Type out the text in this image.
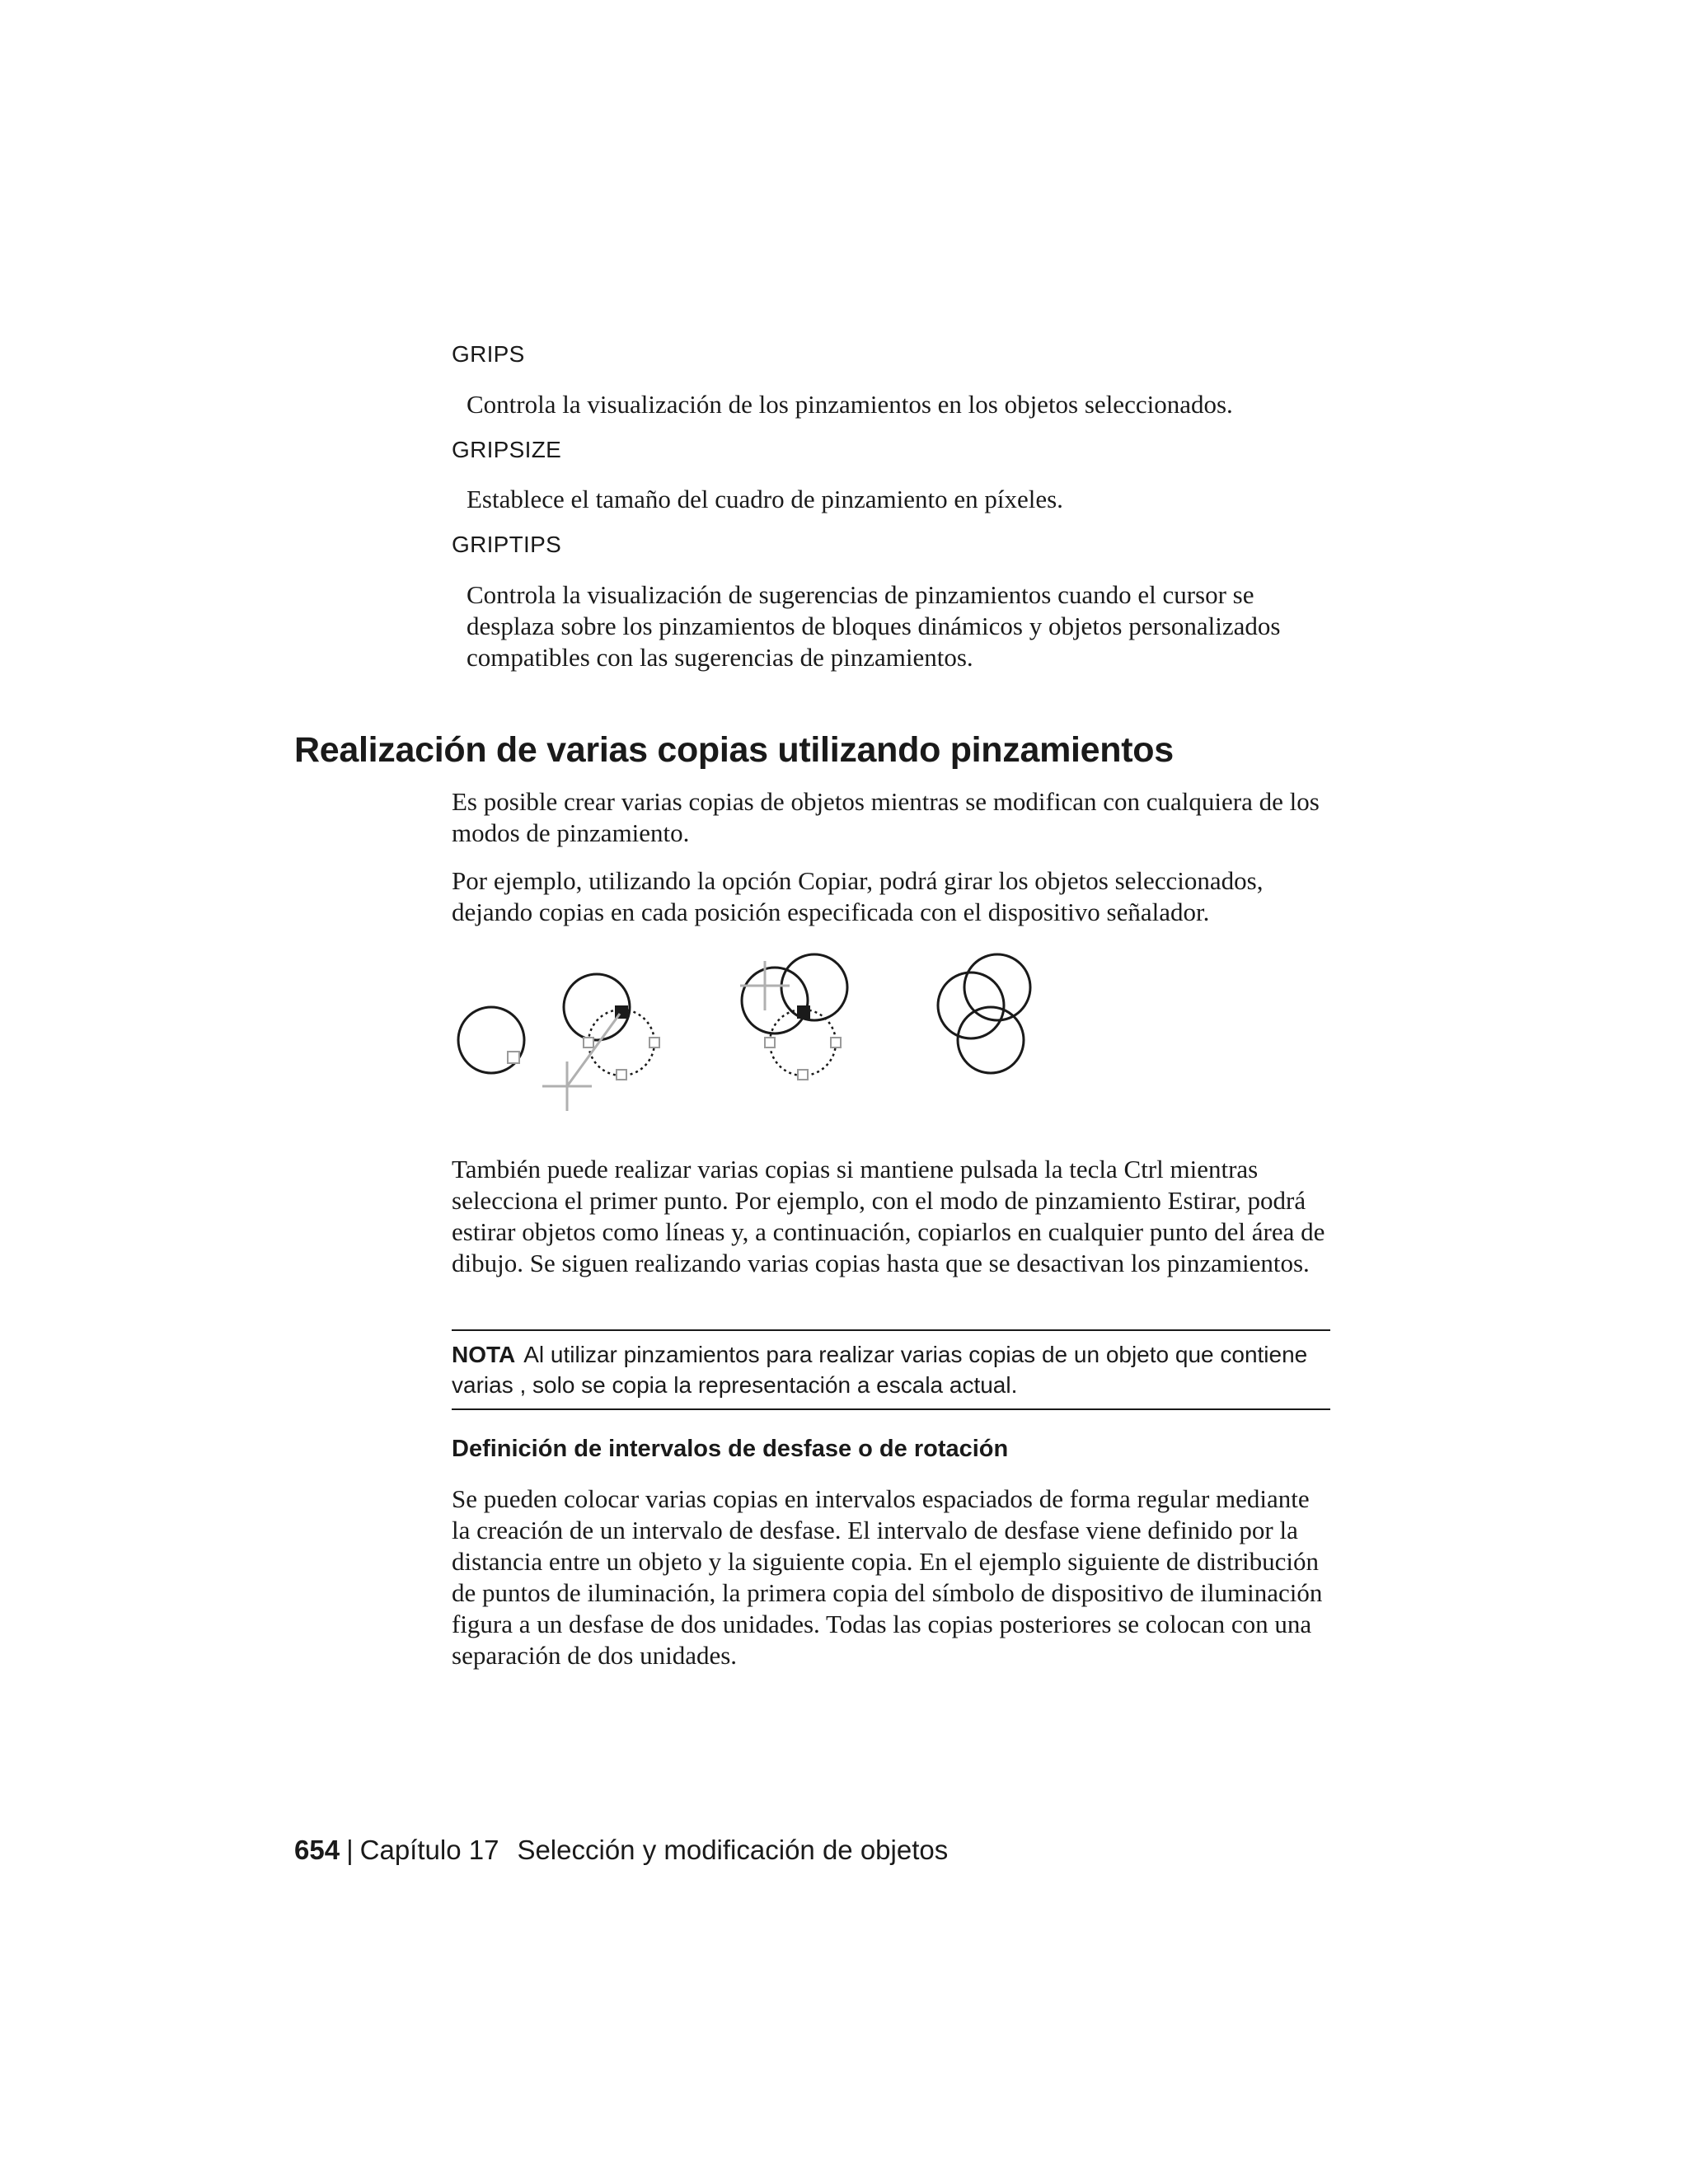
GRIPS

Controla la visualización de los pinzamientos en los objetos seleccionados.

GRIPSIZE

Establece el tamaño del cuadro de pinzamiento en píxeles.

GRIPTIPS

Controla la visualización de sugerencias de pinzamientos cuando el cursor se desplaza sobre los pinzamientos de bloques dinámicos y objetos personalizados compatibles con las sugerencias de pinzamientos.

Realización de varias copias utilizando pinzamientos

Es posible crear varias copias de objetos mientras se modifican con cualquiera de los modos de pinzamiento.

Por ejemplo, utilizando la opción Copiar, podrá girar los objetos seleccionados, dejando copias en cada posición especificada con el dispositivo señalador.

También puede realizar varias copias si mantiene pulsada la tecla Ctrl mientras selecciona el primer punto. Por ejemplo, con el modo de pinzamiento Estirar, podrá estirar objetos como líneas y, a continuación, copiarlos en cualquier punto del área de dibujo. Se siguen realizando varias copias hasta que se desactivan los pinzamientos.

NOTA Al utilizar pinzamientos para realizar varias copias de un objeto que contiene varias , solo se copia la representación a escala actual.
Definición de intervalos de desfase o de rotación

Se pueden colocar varias copias en intervalos espaciados de forma regular mediante la creación de un intervalo de desfase. El intervalo de desfase viene definido por la distancia entre un objeto y la siguiente copia. En el ejemplo siguiente de distribución de puntos de iluminación, la primera copia del símbolo de dispositivo de iluminación figura a un desfase de dos unidades. Todas las copias posteriores se colocan con una separación de dos unidades.

654 | Capítulo 17 Selección y modificación de objetos
